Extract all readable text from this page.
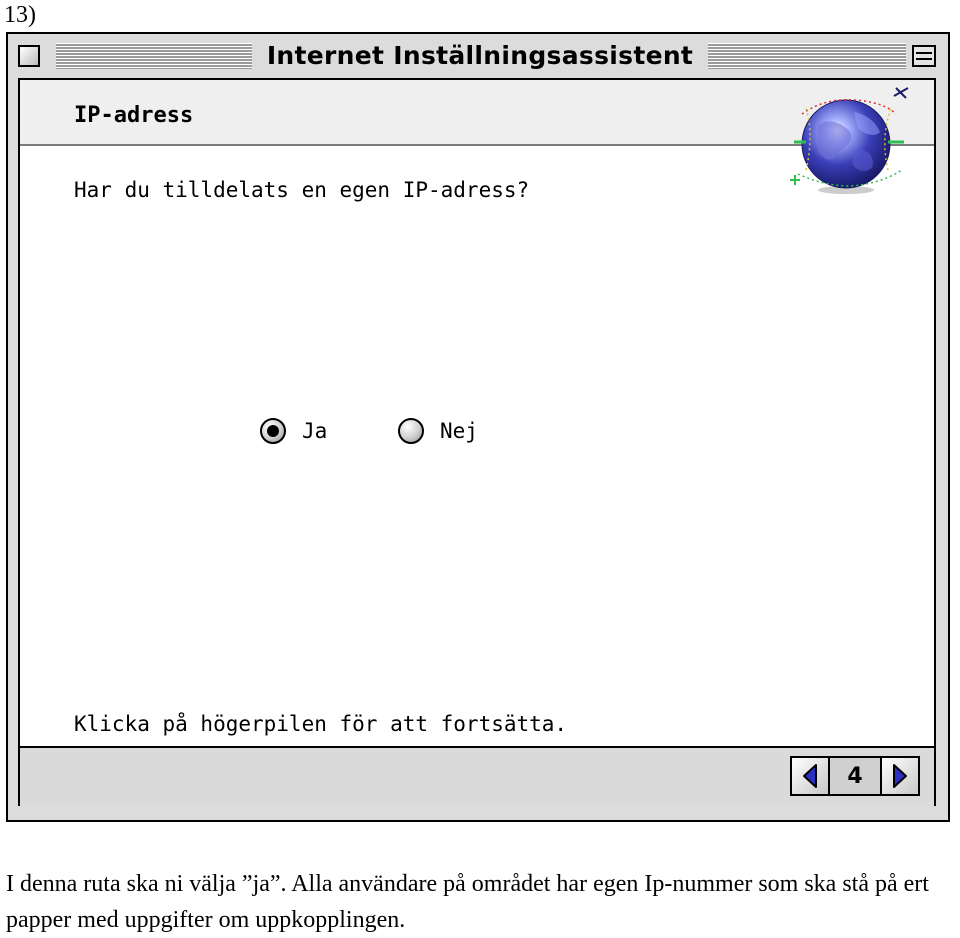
13)
Internet Inställningsassistent
IP-adress
Har du tilldelats en egen IP-adress?
Ja	Nej
Klicka på högerpilen för att fortsätta.
4
I denna ruta ska ni välja ”ja”. Alla användare på området har egen Ip-nummer som ska stå på ert papper med uppgifter om uppkopplingen.
